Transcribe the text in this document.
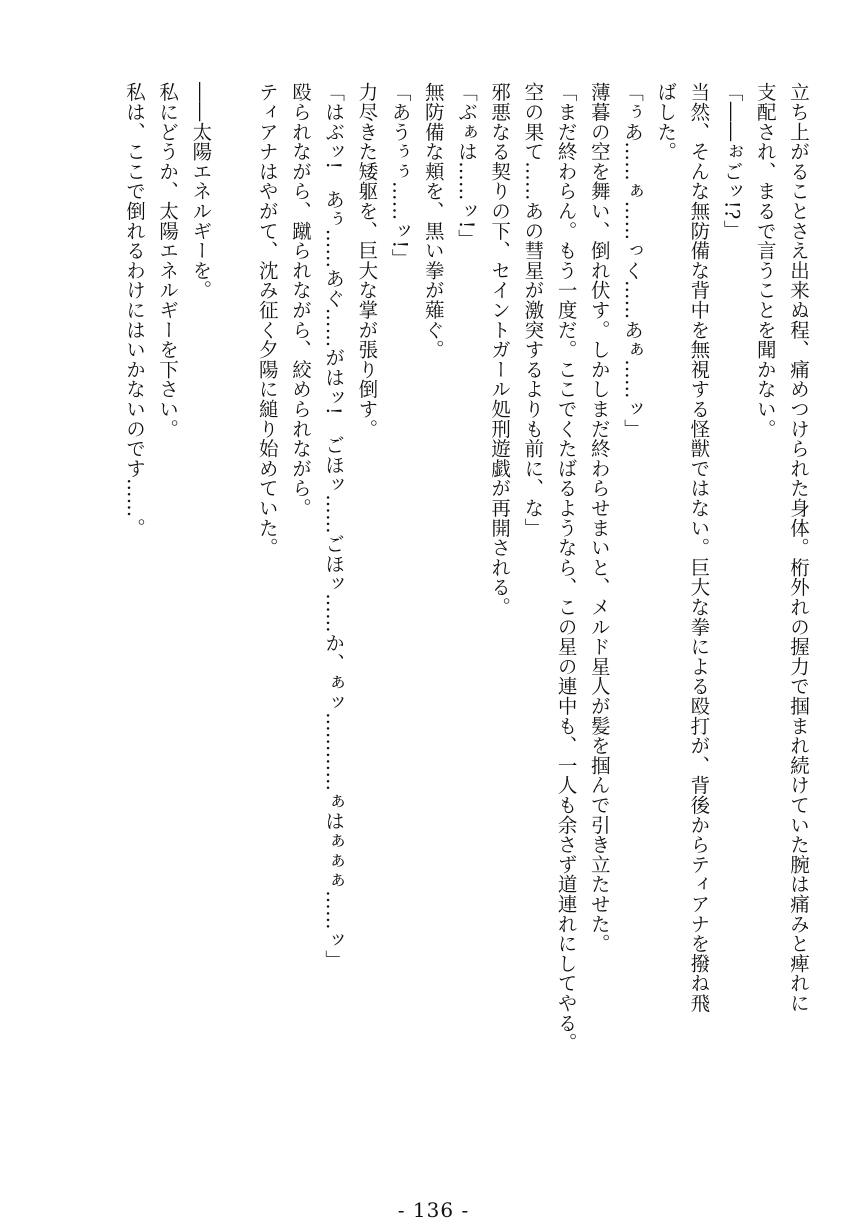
立ち上がることさえ出来ぬ程、痛めつけられた身体。桁外れの握力で掴まれ続けていた腕は痛みと痺れに
支配され、まるで言うことを聞かない。
「――ぉごッ!?」
当然、そんな無防備な背中を無視する怪獣ではない。巨大な拳による殴打が、背後からティアナを撥ね飛
ばした。
「ぅあ……ぁ……っく……あぁ……ッ」
薄暮の空を舞い、倒れ伏す。しかしまだ終わらせまいと、メルド星人が髪を掴んで引き立たせた。
「まだ終わらん。もう一度だ。ここでくたばるようなら、この星の連中も、一人も余さず道連れにしてやる。
空の果て……あの彗星が激突するよりも前に、な」
邪悪なる契りの下、セイントガール処刑遊戯が再開される。
「ぶぁは……ッ!」
無防備な頬を、黒い拳が薙ぐ。
「あうぅぅ……ッ!」
力尽きた矮躯を、巨大な掌が張り倒す。
「はぶッ!　あぅ……あぐ……がはッ!　ごほッ……ごほッ……か、ぁッ…………ぁはぁぁぁ……ッ」
殴られながら、蹴られながら、絞められながら。
ティアナはやがて、沈み征く夕陽に縋り始めていた。
――太陽エネルギーを。
私にどうか、太陽エネルギーを下さい。
私は、ここで倒れるわけにはいかないのです……。
- 136 -
